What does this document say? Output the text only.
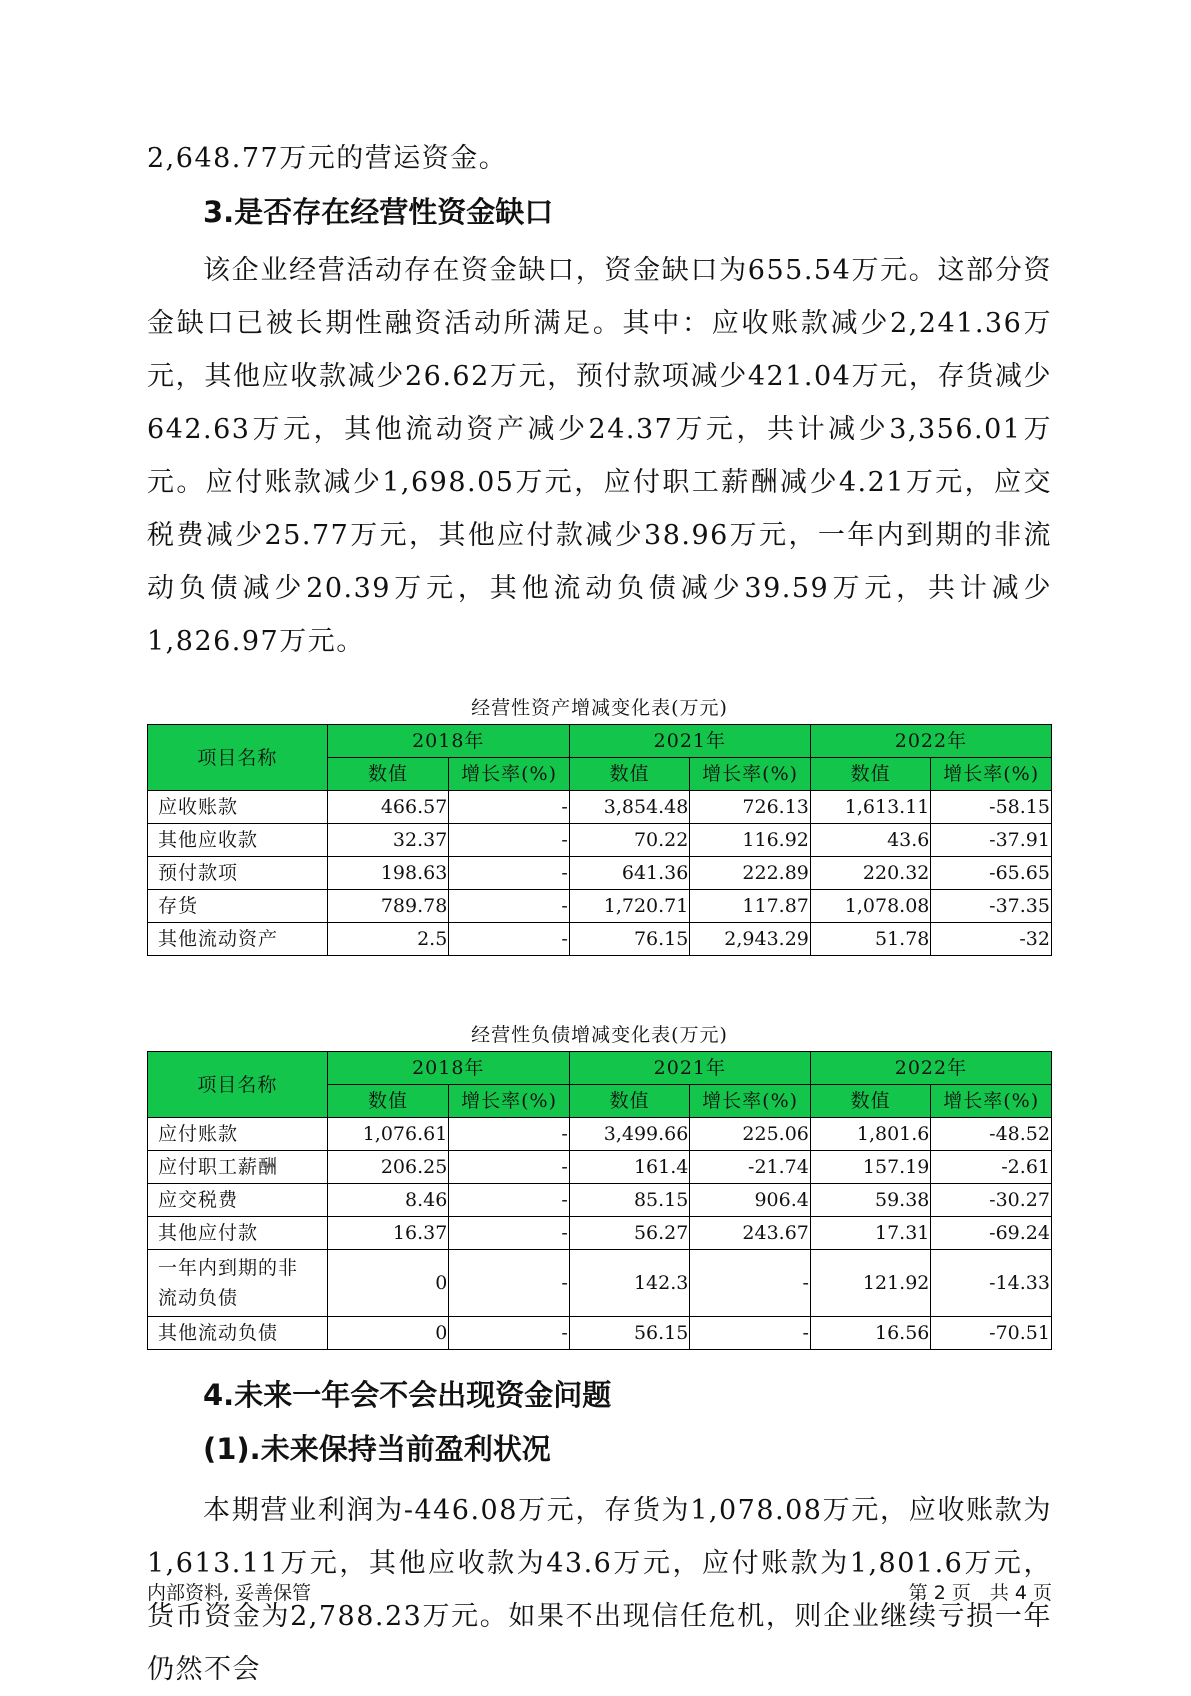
2,648.77万元的营运资金。

3.是否存在经营性资金缺口

该企业经营活动存在资金缺口，资金缺口为655.54万元。这部分资金缺口已被长期性融资活动所满足。其中：应收账款减少2,241.36万元，其他应收款减少26.62万元，预付款项减少421.04万元，存货减少642.63万元，其他流动资产减少24.37万元，共计减少3,356.01万元。应付账款减少1,698.05万元，应付职工薪酬减少4.21万元，应交税费减少25.77万元，其他应付款减少38.96万元，一年内到期的非流动负债减少20.39万元，其他流动负债减少39.59万元，共计减少1,826.97万元。

经营性资产增减变化表(万元)
项目名称	2018年		2021年		2022年	
	数值	增长率(%)	数值	增长率(%)	数值	增长率(%)
应收账款	466.57	-	3,854.48	726.13	1,613.11	-58.15
其他应收款	32.37	-	70.22	116.92	43.6	-37.91
预付款项	198.63	-	641.36	222.89	220.32	-65.65
存货	789.78	-	1,720.71	117.87	1,078.08	-37.35
其他流动资产	2.5	-	76.15	2,943.29	51.78	-32
经营性负债增减变化表(万元)
项目名称	2018年		2021年		2022年	
	数值	增长率(%)	数值	增长率(%)	数值	增长率(%)
应付账款	1,076.61	-	3,499.66	225.06	1,801.6	-48.52
应付职工薪酬	206.25	-	161.4	-21.74	157.19	-2.61
应交税费	8.46	-	85.15	906.4	59.38	-30.27
其他应付款	16.37	-	56.27	243.67	17.31	-69.24
一年内到期的非流动负债	0	-	142.3	-	121.92	-14.33
其他流动负债	0	-	56.15	-	16.56	-70.51
4.未来一年会不会出现资金问题
(1).未来保持当前盈利状况

本期营业利润为-446.08万元，存货为1,078.08万元，应收账款为1,613.11万元，其他应收款为43.6万元，应付账款为1,801.6万元，货币资金为2,788.23万元。如果不出现信任危机，则企业继续亏损一年仍然不会

内部资料, 妥善保管	第 2 页　共 4 页
